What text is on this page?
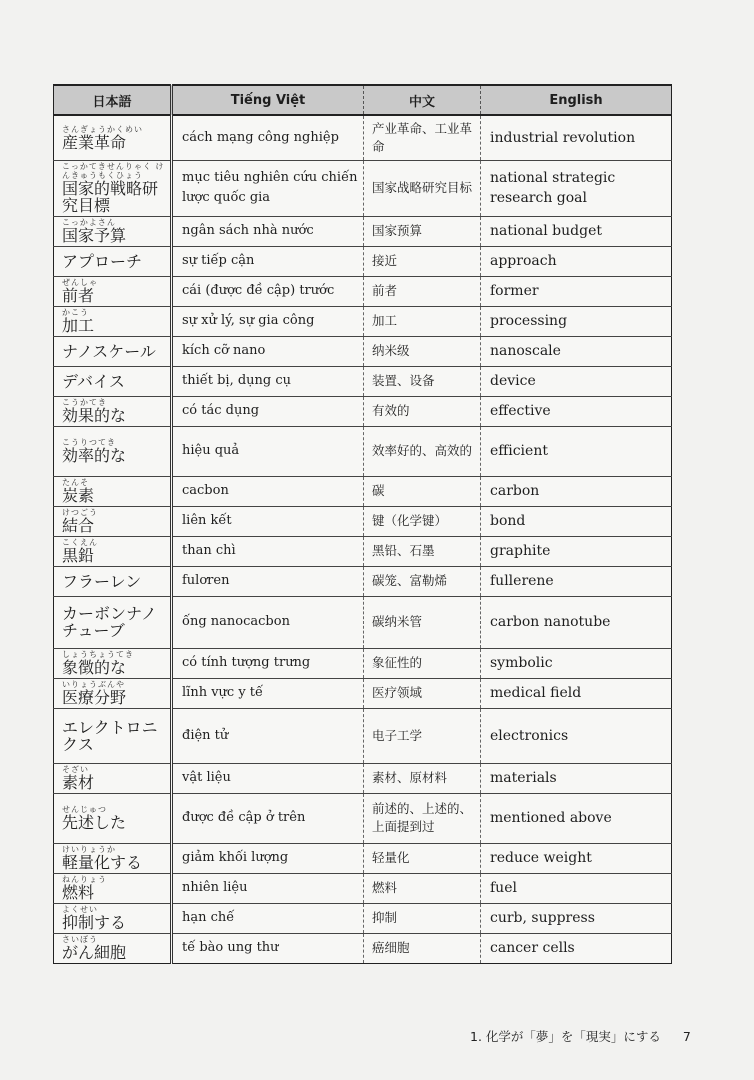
日本語	Tiếng Việt	中文	English

さんぎょうかくめい
産業革命	cách mạng công nghiệp	产业革命、工业革命	industrial revolution

こっかてきせんりゃく けんきゅうもくひょう
国家的戦略研究目標	mục tiêu nghiên cứu chiến lược quốc gia	国家战略研究目标	national strategic research goal

こっかよさん
国家予算	ngân sách nhà nước	国家预算	national budget

アプローチ	sự tiếp cận	接近	approach

ぜんしゃ
前者	cái (được đề cập) trước	前者	former

かこう
加工	sự xử lý, sự gia công	加工	processing

ナノスケール	kích cỡ nano	纳米级	nanoscale

デバイス	thiết bị, dụng cụ	装置、设备	device

こうかてき
効果的な	có tác dụng	有效的	effective

こうりつてき
効率的な	hiệu quả	效率好的、高效的	efficient

たんそ
炭素	cacbon	碳	carbon

けつごう
結合	liên kết	键（化学键）	bond

こくえん
黒鉛	than chì	黑铅、石墨	graphite

フラーレン	fulơren	碳笼、富勒烯	fullerene

カーボンナノチューブ	ống nanocacbon	碳纳米管	carbon nanotube

しょうちょうてき
象徴的な	có tính tượng trưng	象征性的	symbolic

いりょうぶんや
医療分野	lĩnh vực y tế	医疗领域	medical field

エレクトロニクス	điện tử	电子工学	electronics

そざい
素材	vật liệu	素材、原材料	materials

せんじゅつ
先述した	được đề cập ở trên	前述的、上述的、上面提到过	mentioned above

けいりょうか
軽量化する	giảm khối lượng	轻量化	reduce weight

ねんりょう
燃料	nhiên liệu	燃料	fuel

よくせい
抑制する	hạn chế	抑制	curb, suppress

さいぼう
がん細胞	tế bào ung thư	癌细胞	cancer cells
1. 化学が「夢」を「現実」にする 7
